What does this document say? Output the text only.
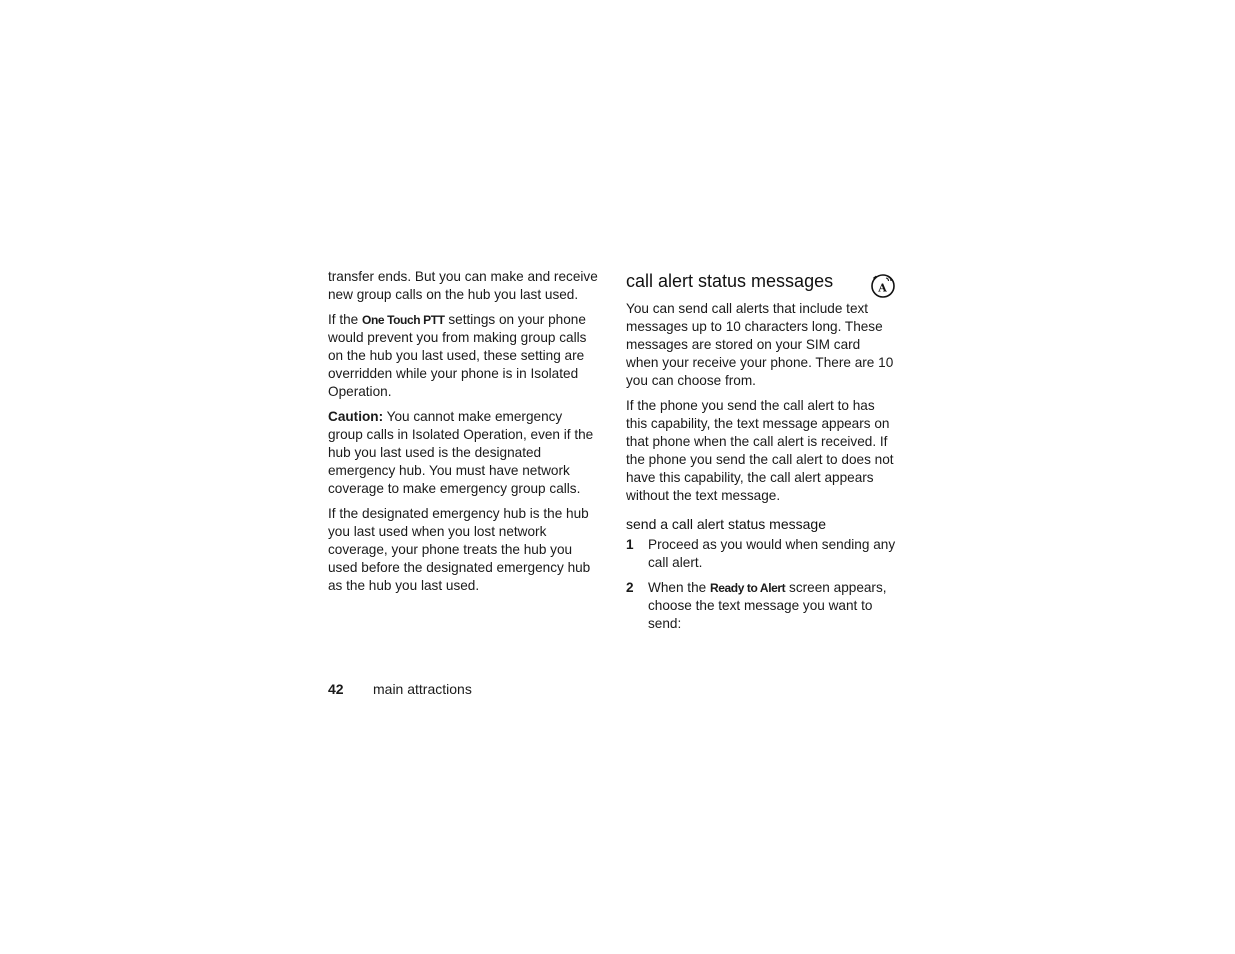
transfer ends. But you can make and receive new group calls on the hub you last used.

If the One Touch PTT settings on your phone would prevent you from making group calls on the hub you last used, these setting are overridden while your phone is in Isolated Operation.

Caution: You cannot make emergency group calls in Isolated Operation, even if the hub you last used is the designated emergency hub. You must have network coverage to make emergency group calls.

If the designated emergency hub is the hub you last used when you lost network coverage, your phone treats the hub you used before the designated emergency hub as the hub you last used.

call alert status messages

You can send call alerts that include text messages up to 10 characters long. These messages are stored on your SIM card when your receive your phone. There are 10 you can choose from.

If the phone you send the call alert to has this capability, the text message appears on that phone when the call alert is received. If the phone you send the call alert to does not have this capability, the call alert appears without the text message.

send a call alert status message
1	Proceed as you would when sending any call alert.
2	When the Ready to Alert screen appears, choose the text message you want to send:
A
42 main attractions
